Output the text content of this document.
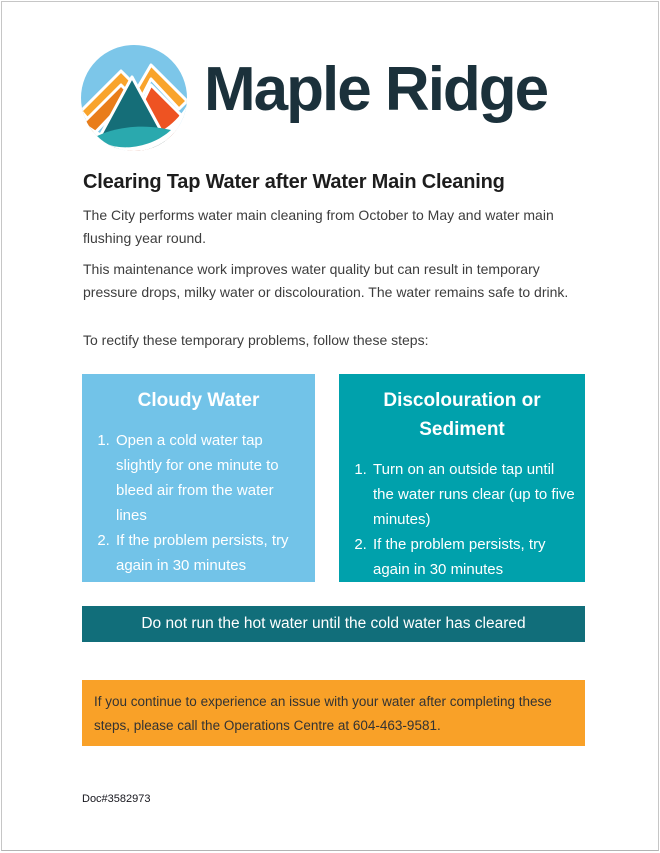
Maple Ridge
Clearing Tap Water after Water Main Cleaning

The City performs water main cleaning from October to May and water main flushing year round.

This maintenance work improves water quality but can result in temporary pressure drops, milky water or discolouration. The water remains safe to drink.

To rectify these temporary problems, follow these steps:

Cloudy Water
1. Open a cold water tap slightly for one minute to bleed air from the water lines
2. If the problem persists, try again in 30 minutes
Discolouration or Sediment
1. Turn on an outside tap until the water runs clear (up to five minutes)
2. If the problem persists, try again in 30 minutes
Do not run the hot water until the cold water has cleared
If you continue to experience an issue with your water after completing these steps, please call the Operations Centre at 604-463-9581.
Doc#3582973
